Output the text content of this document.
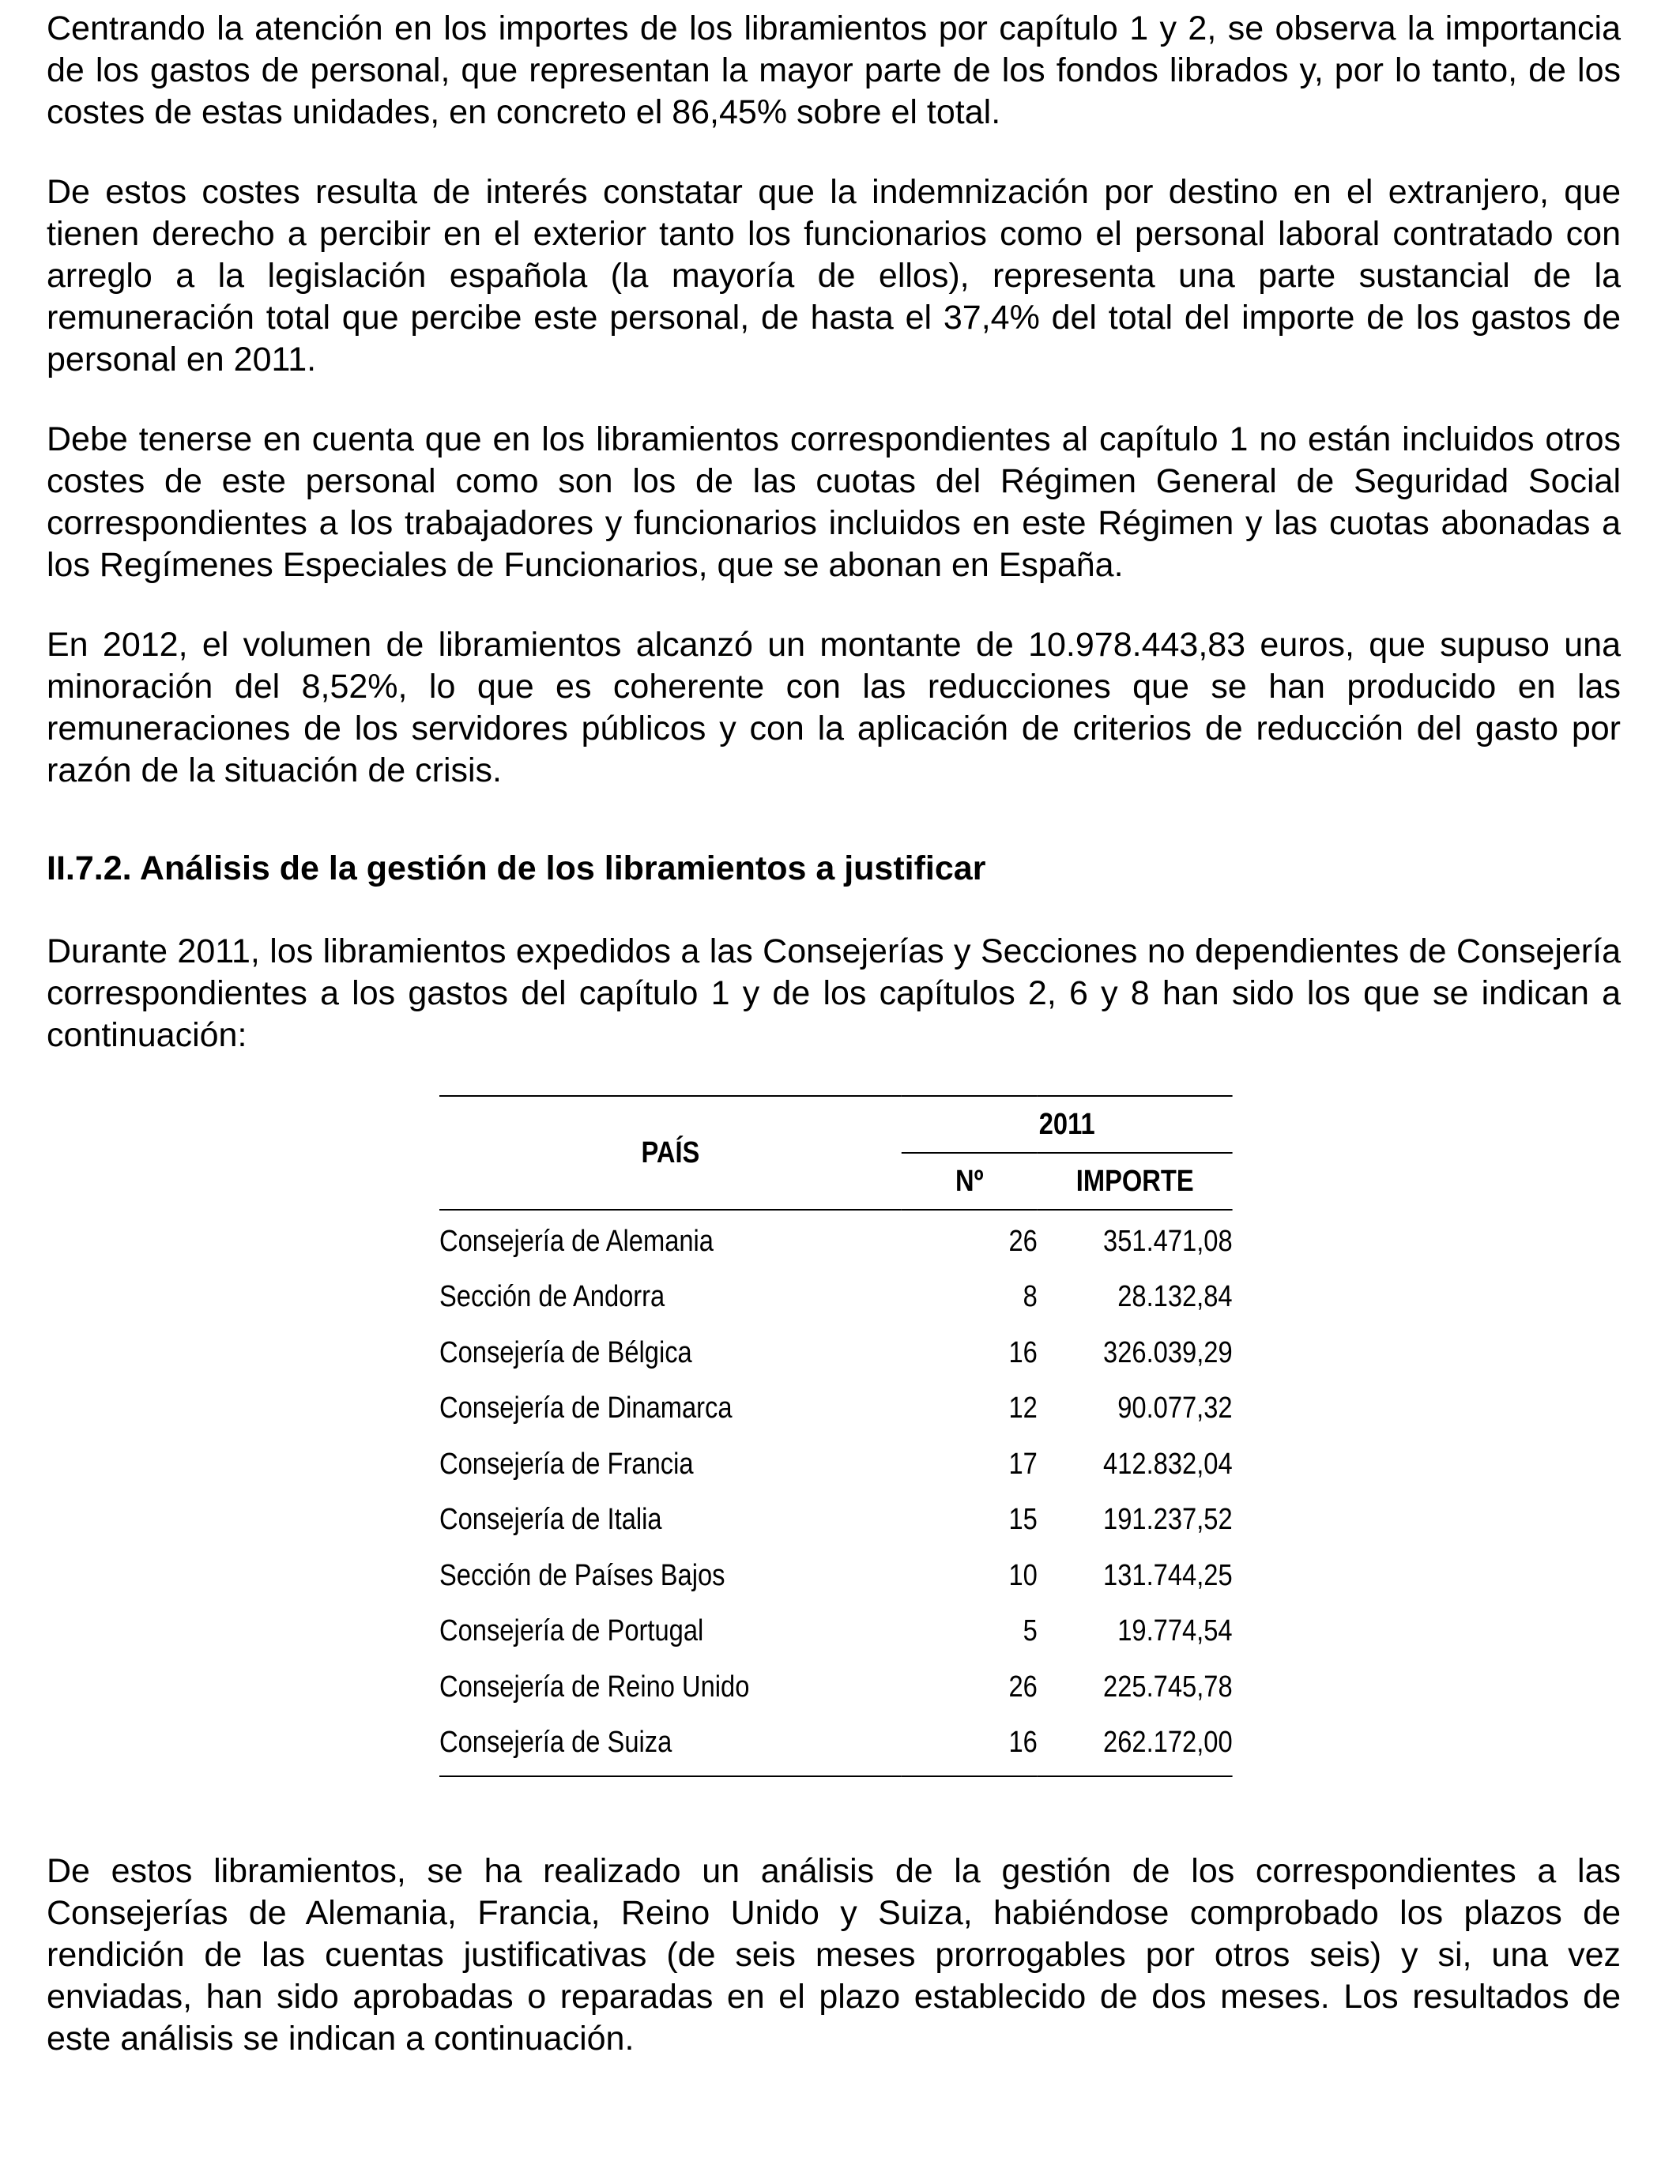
Centrando la atención en los importes de los libramientos por capítulo 1 y 2, se observa la importancia de los gastos de personal, que representan la mayor parte de los fondos librados y, por lo tanto, de los costes de estas unidades, en concreto el 86,45% sobre el total.

De estos costes resulta de interés constatar que la indemnización por destino en el extranjero, que tienen derecho a percibir en el exterior tanto los funcionarios como el personal laboral contratado con arreglo a la legislación española (la mayoría de ellos), representa una parte sustancial de la remuneración total que percibe este personal, de hasta el 37,4% del total del importe de los gastos de personal en 2011.

Debe tenerse en cuenta que en los libramientos correspondientes al capítulo 1 no están incluidos otros costes de este personal como son los de las cuotas del Régimen General de Seguridad Social correspondientes a los trabajadores y funcionarios incluidos en este Régimen y las cuotas abonadas a los Regímenes Especiales de Funcionarios, que se abonan en España.

En 2012, el volumen de libramientos alcanzó un montante de 10.978.443,83 euros, que supuso una minoración del 8,52%, lo que es coherente con las reducciones que se han producido en las remuneraciones de los servidores públicos y con la aplicación de criterios de reducción del gasto por razón de la situación de crisis.

II.7.2. Análisis de la gestión de los libramientos a justificar

Durante 2011, los libramientos expedidos a las Consejerías y Secciones no dependientes de Consejería correspondientes a los gastos del capítulo 1 y de los capítulos 2, 6 y 8 han sido los que se indican a continuación:

De estos libramientos, se ha realizado un análisis de la gestión de los correspondientes a las Consejerías de Alemania, Francia, Reino Unido y Suiza, habiéndose comprobado los plazos de rendición de las cuentas justificativas (de seis meses prorrogables por otros seis) y si, una vez enviadas, han sido aprobadas o reparadas en el plazo establecido de dos meses. Los resultados de este análisis se indican a continuación.

PAÍS	2011	
	Nº	IMPORTE
Consejería de Alemania	26	351.471,08
Sección de Andorra	8	28.132,84
Consejería de Bélgica	16	326.039,29
Consejería de Dinamarca	12	90.077,32
Consejería de Francia	17	412.832,04
Consejería de Italia	15	191.237,52
Sección de Países Bajos	10	131.744,25
Consejería de Portugal	5	19.774,54
Consejería de Reino Unido	26	225.745,78
Consejería de Suiza	16	262.172,00
